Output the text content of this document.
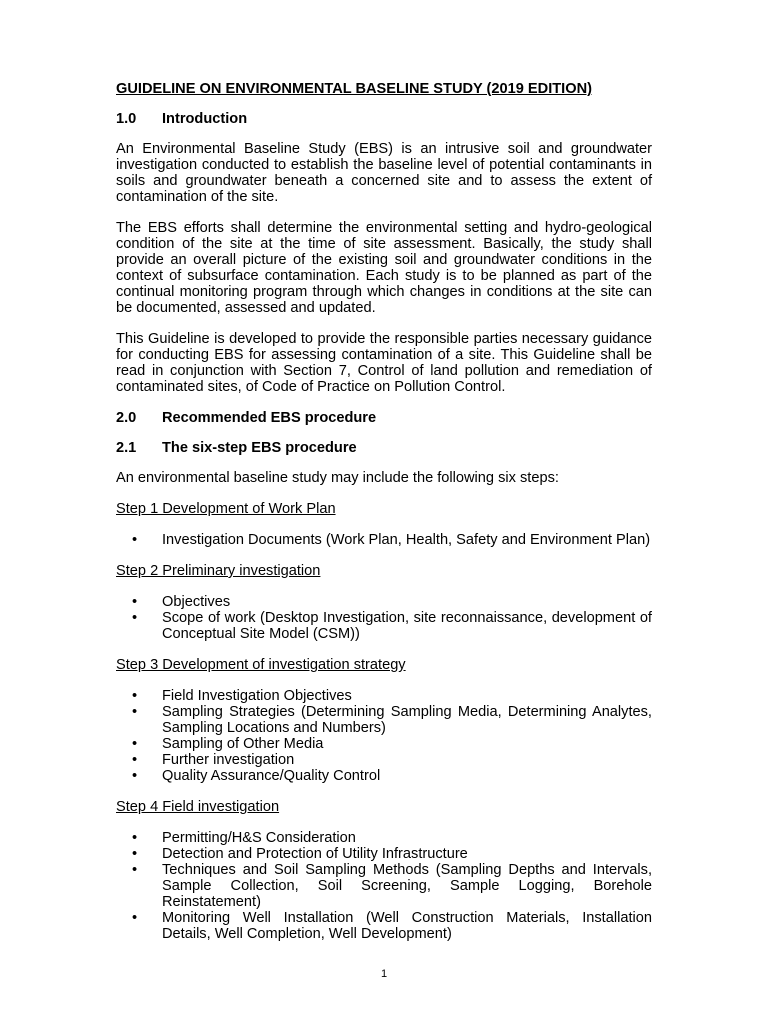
GUIDELINE ON ENVIRONMENTAL BASELINE STUDY (2019 EDITION)
1.0	Introduction

An Environmental Baseline Study (EBS) is an intrusive soil and groundwater investigation conducted to establish the baseline level of potential contaminants in soils and groundwater beneath a concerned site and to assess the extent of contamination of the site.

The EBS efforts shall determine the environmental setting and hydro-geological condition of the site at the time of site assessment. Basically, the study shall provide an overall picture of the existing soil and groundwater conditions in the context of subsurface contamination. Each study is to be planned as part of the continual monitoring program through which changes in conditions at the site can be documented, assessed and updated.

This Guideline is developed to provide the responsible parties necessary guidance for conducting EBS for assessing contamination of a site. This Guideline shall be read in conjunction with Section 7, Control of land pollution and remediation of contaminated sites, of Code of Practice on Pollution Control.

2.0	Recommended EBS procedure
2.1	The six-step EBS procedure

An environmental baseline study may include the following six steps:

Step 1 Development of Work Plan
• Investigation Documents (Work Plan, Health, Safety and Environment Plan)
Step 2 Preliminary investigation
• Objectives
• Scope of work (Desktop Investigation, site reconnaissance, development of Conceptual Site Model (CSM))
Step 3 Development of investigation strategy
• Field Investigation Objectives
• Sampling Strategies (Determining Sampling Media, Determining Analytes, Sampling Locations and Numbers)
• Sampling of Other Media
• Further investigation
• Quality Assurance/Quality Control
Step 4 Field investigation
• Permitting/H&S Consideration
• Detection and Protection of Utility Infrastructure
• Techniques and Soil Sampling Methods (Sampling Depths and Intervals, Sample Collection, Soil Screening, Sample Logging, Borehole Reinstatement)
• Monitoring Well Installation (Well Construction Materials, Installation Details, Well Completion, Well Development)
1
